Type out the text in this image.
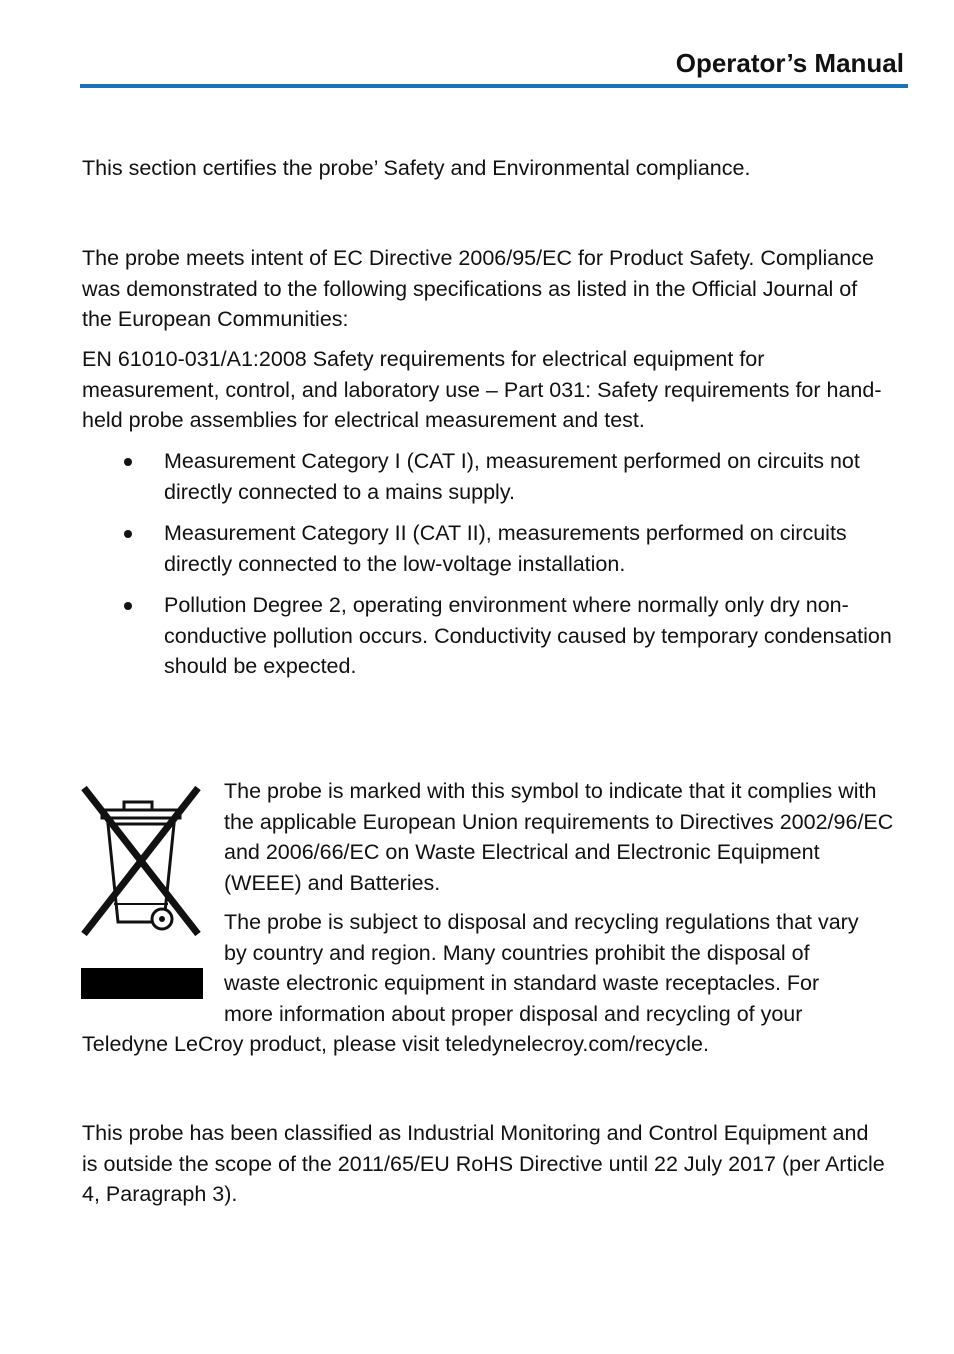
Operator’s Manual

This section certifies the probe’ Safety and Environmental compliance.

The probe meets intent of EC Directive 2006/95/EC for Product Safety. Compliance was demonstrated to the following specifications as listed in the Official Journal of the European Communities:

EN 61010-031/A1:2008 Safety requirements for electrical equipment for measurement, control, and laboratory use – Part 031: Safety requirements for hand-held probe assemblies for electrical measurement and test.

Measurement Category I (CAT I), measurement performed on circuits not directly connected to a mains supply.
Measurement Category II (CAT II), measurements performed on circuits directly connected to the low-voltage installation.
Pollution Degree 2, operating environment where normally only dry non-conductive pollution occurs. Conductivity caused by temporary condensation should be expected.

The probe is marked with this symbol to indicate that it complies with the applicable European Union requirements to Directives 2002/96/EC and 2006/66/EC on Waste Electrical and Electronic Equipment (WEEE) and Batteries.

The probe is subject to disposal and recycling regulations that vary
by country and region. Many countries prohibit the disposal of
waste electronic equipment in standard waste receptacles. For
more information about proper disposal and recycling of your
Teledyne LeCroy product, please visit teledynelecroy.com/recycle.

This probe has been classified as Industrial Monitoring and Control Equipment and is outside the scope of the 2011/65/EU RoHS Directive until 22 July 2017 (per Article 4, Paragraph 3).
